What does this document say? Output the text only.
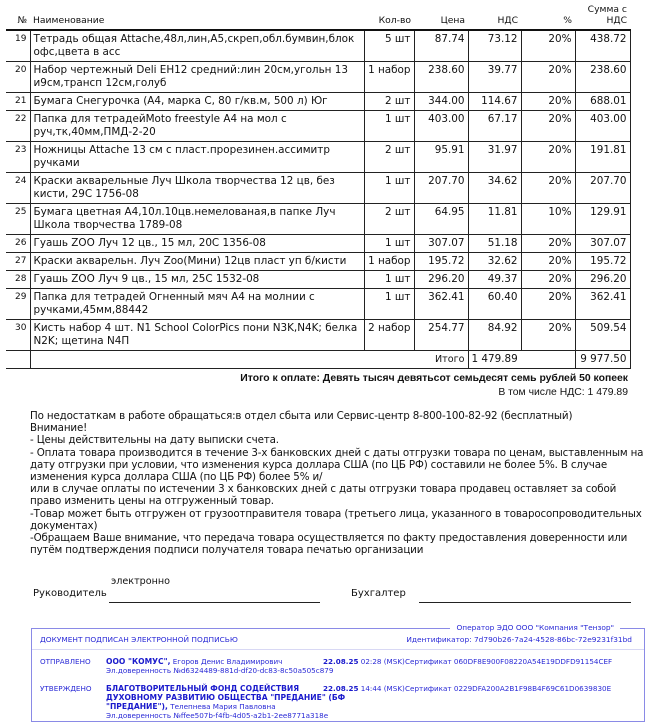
№	Наименование	Кол-во	Цена	НДС	%	Сумма с
НДС
19	Тетрадь общая Attache,48л,лин,А5,скреп,обл.бумвин,блок офс,цвета в асс	5 шт	87.74	73.12	20%	438.72
20	Набор чертежный Deli EH12 средний:лин 20см,угольн 13 и9см,трансп 12см,голуб	1 набор	238.60	39.77	20%	238.60
21	Бумага Снегурочка (А4, марка С, 80 г/кв.м, 500 л) Юг	2 шт	344.00	114.67	20%	688.01
22	Папка для тетрадейMoto freestyle А4 на мол с руч,тк,40мм,ПМД-2-20	1 шт	403.00	67.17	20%	403.00
23	Ножницы Attache 13 см с пласт.прорезинен.ассимитр ручками	2 шт	95.91	31.97	20%	191.81
24	Краски акварельные Луч Школа творчества 12 цв, без кисти, 29С 1756-08	1 шт	207.70	34.62	20%	207.70
25	Бумага цветная А4,10л.10цв.немелованая,в папке Луч Школа творчества 1789-08	2 шт	64.95	11.81	10%	129.91
26	Гуашь ZOO Луч 12 цв., 15 мл, 20С 1356-08	1 шт	307.07	51.18	20%	307.07
27	Краски акварельн. Луч Zoo(Мини) 12цв пласт уп б/кисти	1 набор	195.72	32.62	20%	195.72
28	Гуашь ZOO Луч 9 цв., 15 мл, 25С 1532-08	1 шт	296.20	49.37	20%	296.20
29	Папка для тетрадей Огненный мяч А4 на молнии с ручками,45мм,88442	1 шт	362.41	60.40	20%	362.41
30	Кисть набор 4 шт. N1 School ColorPics пони N3K,N4K; белка N2K; щетина N4П	2 набор	254.77	84.92	20%	509.54
	Итого			1 479.89		9 977.50
Итого к оплате: Девять тысяч девятьсот семьдесят семь рублей 50 копеек
В том числе НДС: 1 479.89

По недостаткам в работе обращаться:в отдел сбыта или Сервис-центр 8-800-100-82-92 (бесплатный)

Внимание!

- Цены действительны на дату выписки счета.

- Оплата товара производится в течение 3-х банковских дней с даты отгрузки товара по ценам, выставленным на дату отгрузки при условии, что изменения курса доллара США (по ЦБ РФ) составили не более 5%. В случае изменения курса доллара США (по ЦБ РФ) более 5% и/

или в случае оплаты по истечении 3 х банковских дней с даты отгрузки товара продавец оставляет за собой право изменить цены на отгруженный товар.

-Товар может быть отгружен от грузоотправителя товара (третьего лица, указанного в товаросопроводительных документах)

-Обращаем Ваше внимание, что передача товара осуществляется по факту предоставления доверенности или путём подтверждения подписи получателя товара печатью организации

Руководитель
электронно
Бухгалтер
Оператор ЭДО ООО "Компания "Тензор"
ДОКУМЕНТ ПОДПИСАН ЭЛЕКТРОННОЙ ПОДПИСЬЮ	Идентификатор: 7d790b26-7a24-4528-86bc-72e9231f31bd
ОТПРАВЛЕНО ООО "КОМУС", Егоров Денис Владимирович
Эл.доверенность №d6324489-881d-df20-dc83-8c50a505c879
22.08.25 02:28 (MSK) Сертификат 060DF8E900F08220A54E19DDFD91154CEF
УТВЕРЖДЕНО БЛАГОТВОРИТЕЛЬНЫЙ ФОНД СОДЕЙСТВИЯ ДУХОВНОМУ РАЗВИТИЮ ОБЩЕСТВА "ПРЕДАНИЕ" (БФ "ПРЕДАНИЕ"), Телепнева Мария Павловна
Эл.доверенность №ffee507b-f4fb-4d05-a2b1-2ee8771a318e
22.08.25 14:44 (MSK) Сертификат 0229DFA200A2B1F98B4F69C61D0639830E
